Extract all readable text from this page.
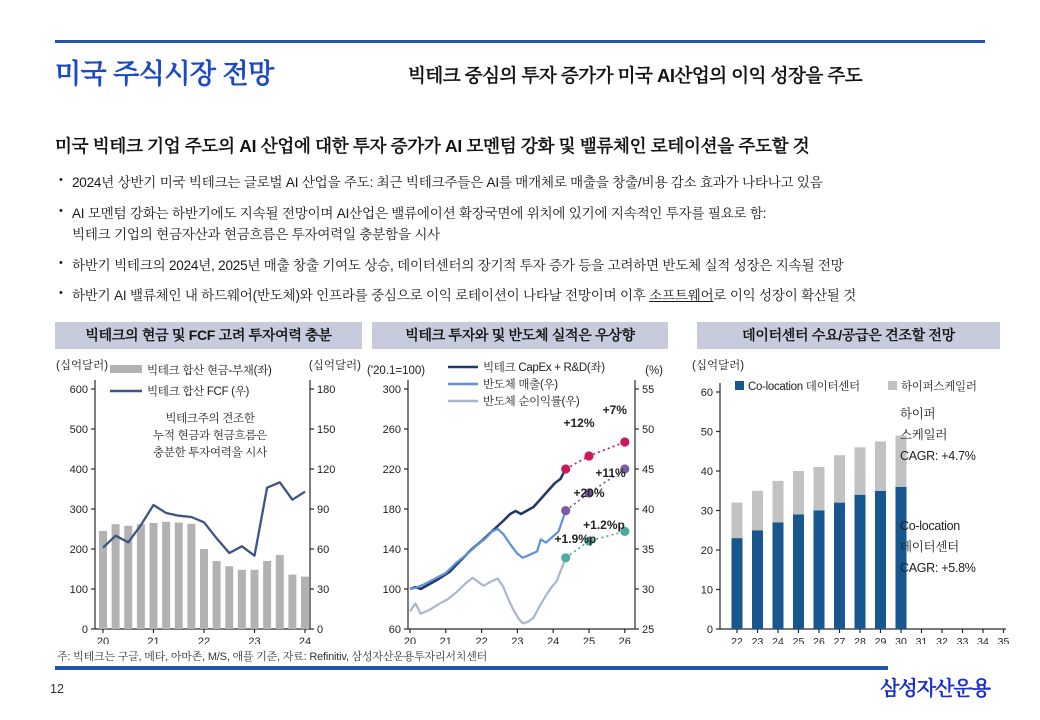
미국 주식시장 전망	빅테크 중심의 투자 증가가 미국 AI산업의 이익 성장을 주도
미국 빅테크 기업 주도의 AI 산업에 대한 투자 증가가 AI 모멘텀 강화 및 밸류체인 로테이션을 주도할 것
• 2024년 상반기 미국 빅테크는 글로벌 AI 산업을 주도: 최근 빅테크주들은 AI를 매개체로 매출을 창출/비용 감소 효과가 나타나고 있음
• AI 모멘텀 강화는 하반기에도 지속될 전망이며 AI산업은 밸류에이션 확장국면에 위치에 있기에 지속적인 투자를 필요로 함:
빅테크 기업의 현금자산과 현금흐름은 투자여력일 충분함을 시사
• 하반기 빅테크의 2024년, 2025년 매출 창출 기여도 상승, 데이터센터의 장기적 투자 증가 등을 고려하면 반도체 실적 성장은 지속될 전망
• 하반기 AI 밸류체인 내 하드웨어(반도체)와 인프라를 중심으로 이익 로테이션이 나타날 전망이며 이후 소프트웨어로 이익 성장이 확산될 것
빅테크의 현금 및 FCF 고려 투자여력 충분
600
500
400
300
200
100
0
180
150
120
90
60
30
0
20	21	22	23	24
(십억달러)	(십억달러)
빅테크 합산 현금-부채(좌)
빅테크 합산 FCF (우)
빅테크주의 견조한
누적 현금과 현금흐름은
충분한 투자여력을 시사
빅테크 투자와 및 반도체 실적은 우상향
300
260
220
180
140
100
60
55
50
45
40
35
30
25
20 21 22 23 24 25 26
+12%
+7%
+11%
+20%
+1.2%p
+1.9%p
('20.1=100)	(%)
빅테크 CapEx + R&D(좌)
반도체 매출(우)
반도체 순이익률(우)
데이터센터 수요/공급은 견조할 전망
60
50
40
30
20
10
0
22 23 24 25 26 27 28 29 30 31 32 33 34 35
(십억달러)
Co-location 데이터센터	하이퍼스케일러
하이퍼
스케일러
CAGR: +4.7%
Co-location
데이터센터
CAGR: +5.8%
주: 빅테크는 구글, 메타, 아마존, M/S, 애플 기준, 자료: Refinitiv, 삼성자산운용투자리서치센터
12	삼성자산운용
